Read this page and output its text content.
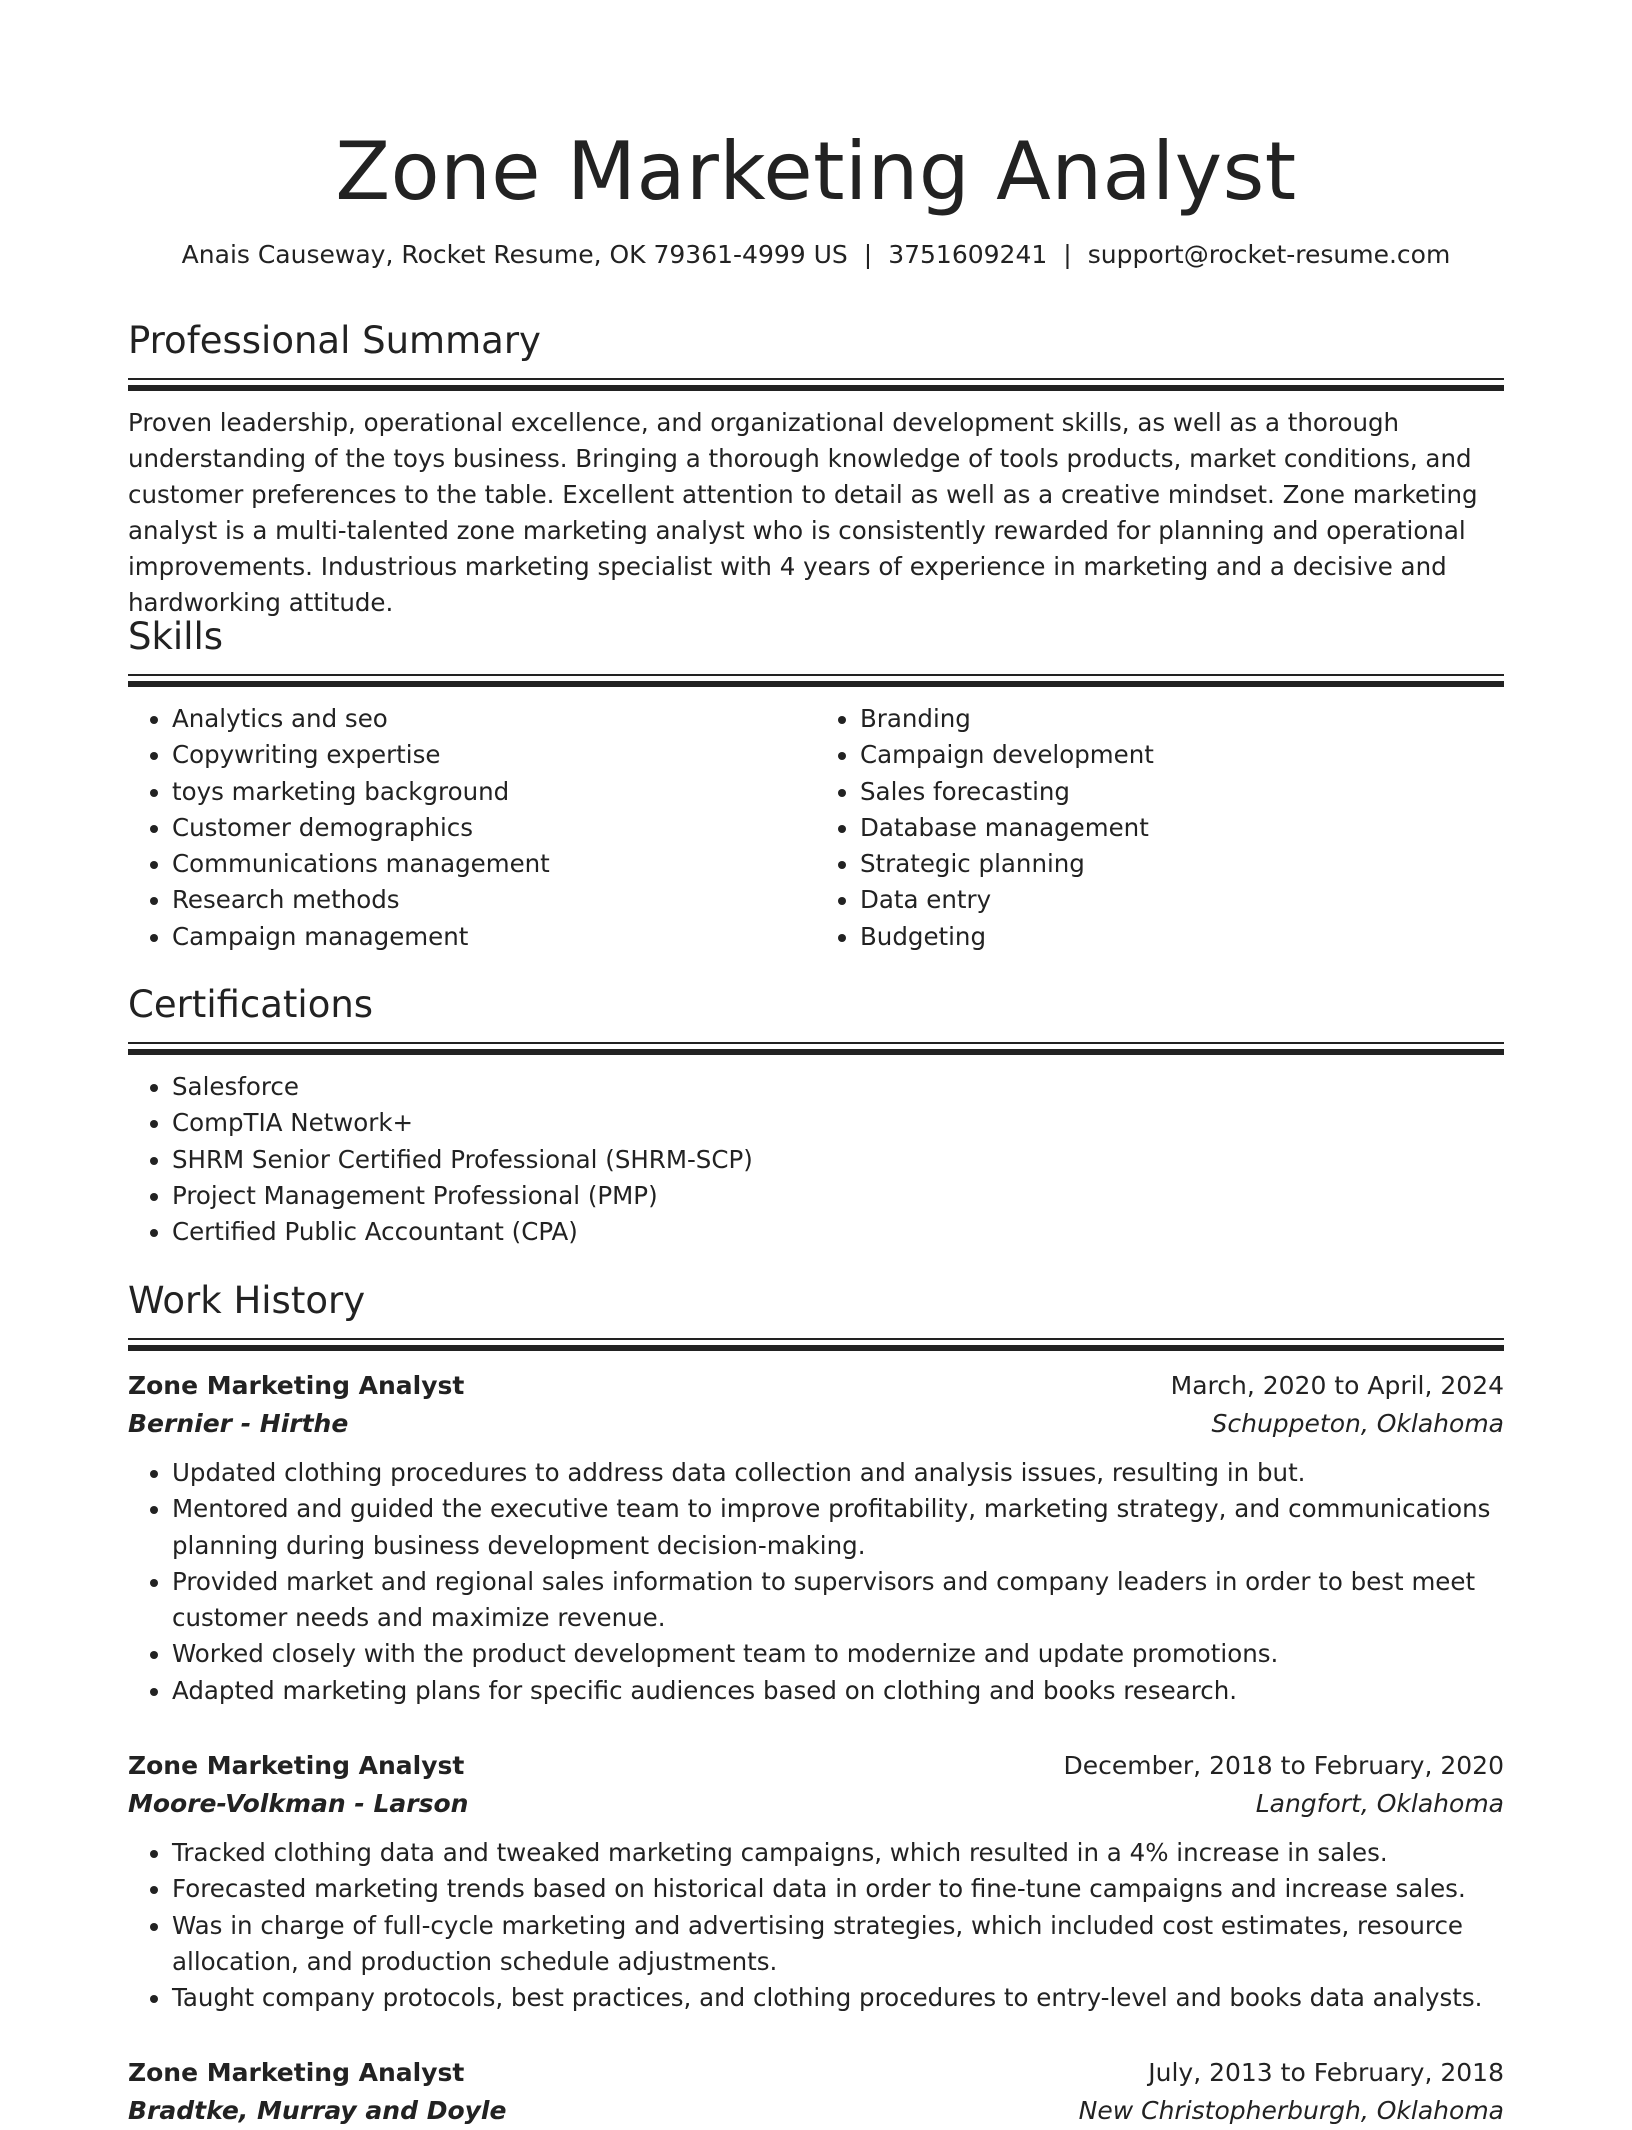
Zone Marketing Analyst
Anais Causeway, Rocket Resume, OK 79361-4999 US | 3751609241 | support@rocket-resume.com
Professional Summary

Proven leadership, operational excellence, and organizational development skills, as well as a thorough understanding of the toys business. Bringing a thorough knowledge of tools products, market conditions, and customer preferences to the table. Excellent attention to detail as well as a creative mindset. Zone marketing analyst is a multi-talented zone marketing analyst who is consistently rewarded for planning and operational improvements. Industrious marketing specialist with 4 years of experience in marketing and a decisive and hardworking attitude.

Skills
• Analytics and seo
• Copywriting expertise
• toys marketing background
• Customer demographics
• Communications management
• Research methods
• Campaign management
• Branding
• Campaign development
• Sales forecasting
• Database management
• Strategic planning
• Data entry
• Budgeting
Certifications
• Salesforce
• CompTIA Network+
• SHRM Senior Certified Professional (SHRM-SCP)
• Project Management Professional (PMP)
• Certified Public Accountant (CPA)
Work History
Zone Marketing Analyst	March, 2020 to April, 2024
Bernier - Hirthe	Schuppeton, Oklahoma
• Updated clothing procedures to address data collection and analysis issues, resulting in but.
• Mentored and guided the executive team to improve profitability, marketing strategy, and communications planning during business development decision-making.
• Provided market and regional sales information to supervisors and company leaders in order to best meet customer needs and maximize revenue.
• Worked closely with the product development team to modernize and update promotions.
• Adapted marketing plans for specific audiences based on clothing and books research.
Zone Marketing Analyst	December, 2018 to February, 2020
Moore-Volkman - Larson	Langfort, Oklahoma
• Tracked clothing data and tweaked marketing campaigns, which resulted in a 4% increase in sales.
• Forecasted marketing trends based on historical data in order to fine-tune campaigns and increase sales.
• Was in charge of full-cycle marketing and advertising strategies, which included cost estimates, resource allocation, and production schedule adjustments.
• Taught company protocols, best practices, and clothing procedures to entry-level and books data analysts.
Zone Marketing Analyst	July, 2013 to February, 2018
Bradtke, Murray and Doyle	New Christopherburgh, Oklahoma
